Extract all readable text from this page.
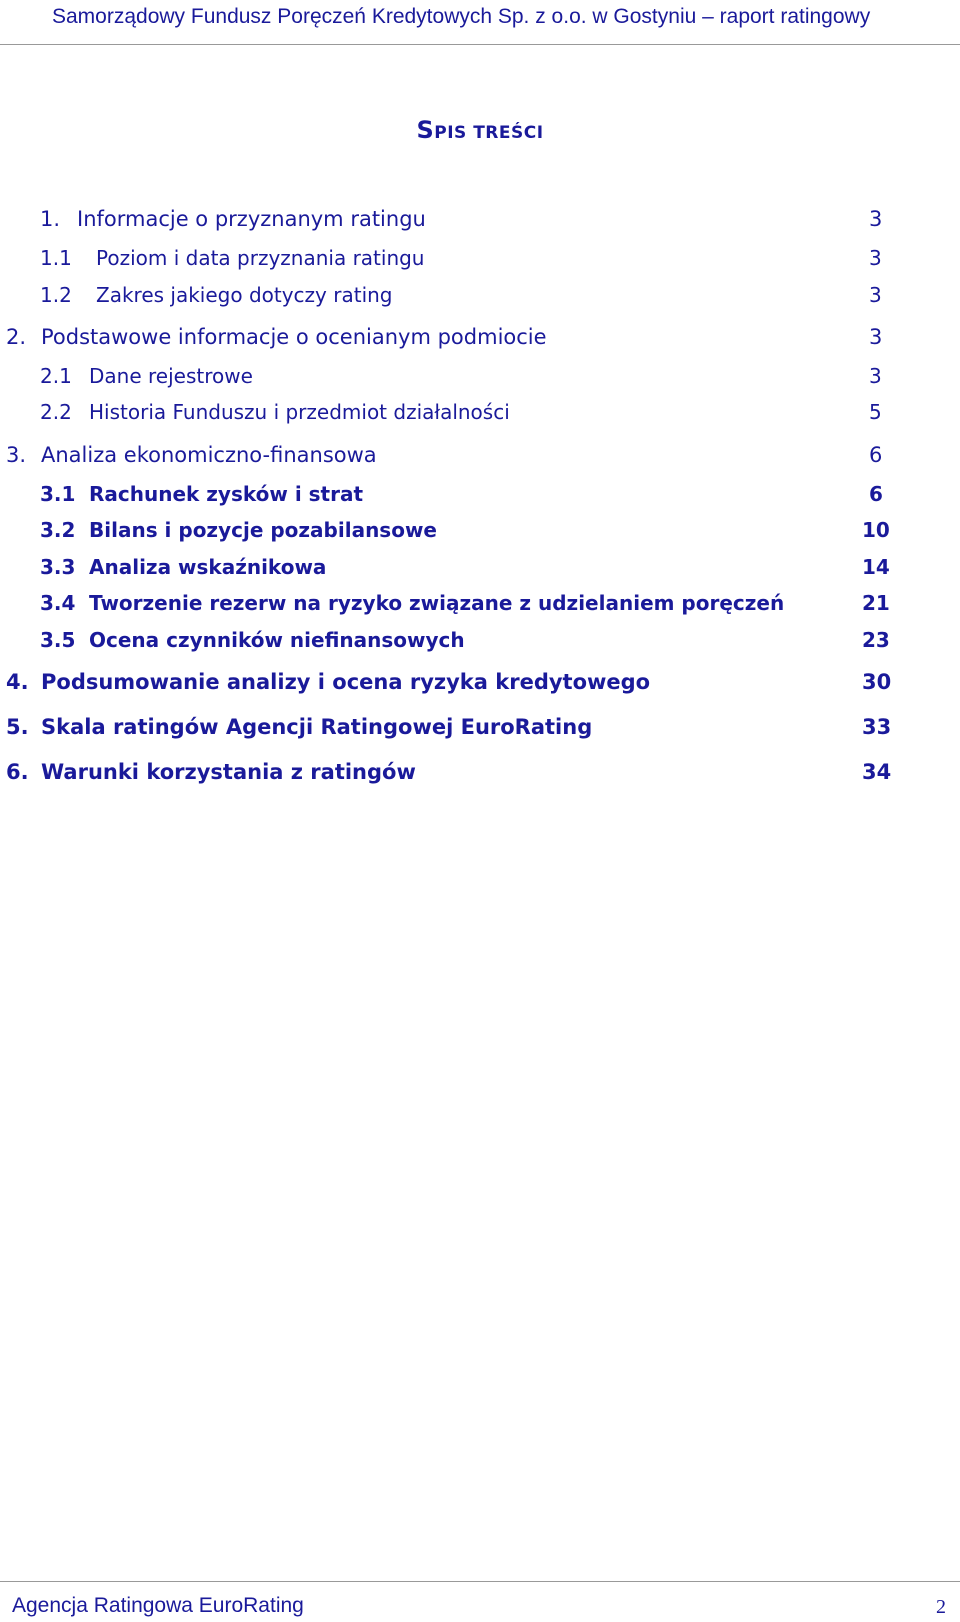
Samorządowy Fundusz Poręczeń Kredytowych Sp. z o.o. w Gostyniu – raport ratingowy
SPIS TREŚCI
1. Informacje o przyznanym ratingu	3
1.1 Poziom i data przyznania ratingu	3
1.2 Zakres jakiego dotyczy rating	3
2. Podstawowe informacje o ocenianym podmiocie	3
2.1 Dane rejestrowe	3
2.2 Historia Funduszu i przedmiot działalności	5
3. Analiza ekonomiczno-finansowa	6
3.1 Rachunek zysków i strat	6
3.2 Bilans i pozycje pozabilansowe	10
3.3 Analiza wskaźnikowa	14
3.4 Tworzenie rezerw na ryzyko związane z udzielaniem poręczeń	21
3.5 Ocena czynników niefinansowych	23
4. Podsumowanie analizy i ocena ryzyka kredytowego	30
5. Skala ratingów Agencji Ratingowej EuroRating	33
6. Warunki korzystania z ratingów	34
Agencja Ratingowa EuroRating	2
